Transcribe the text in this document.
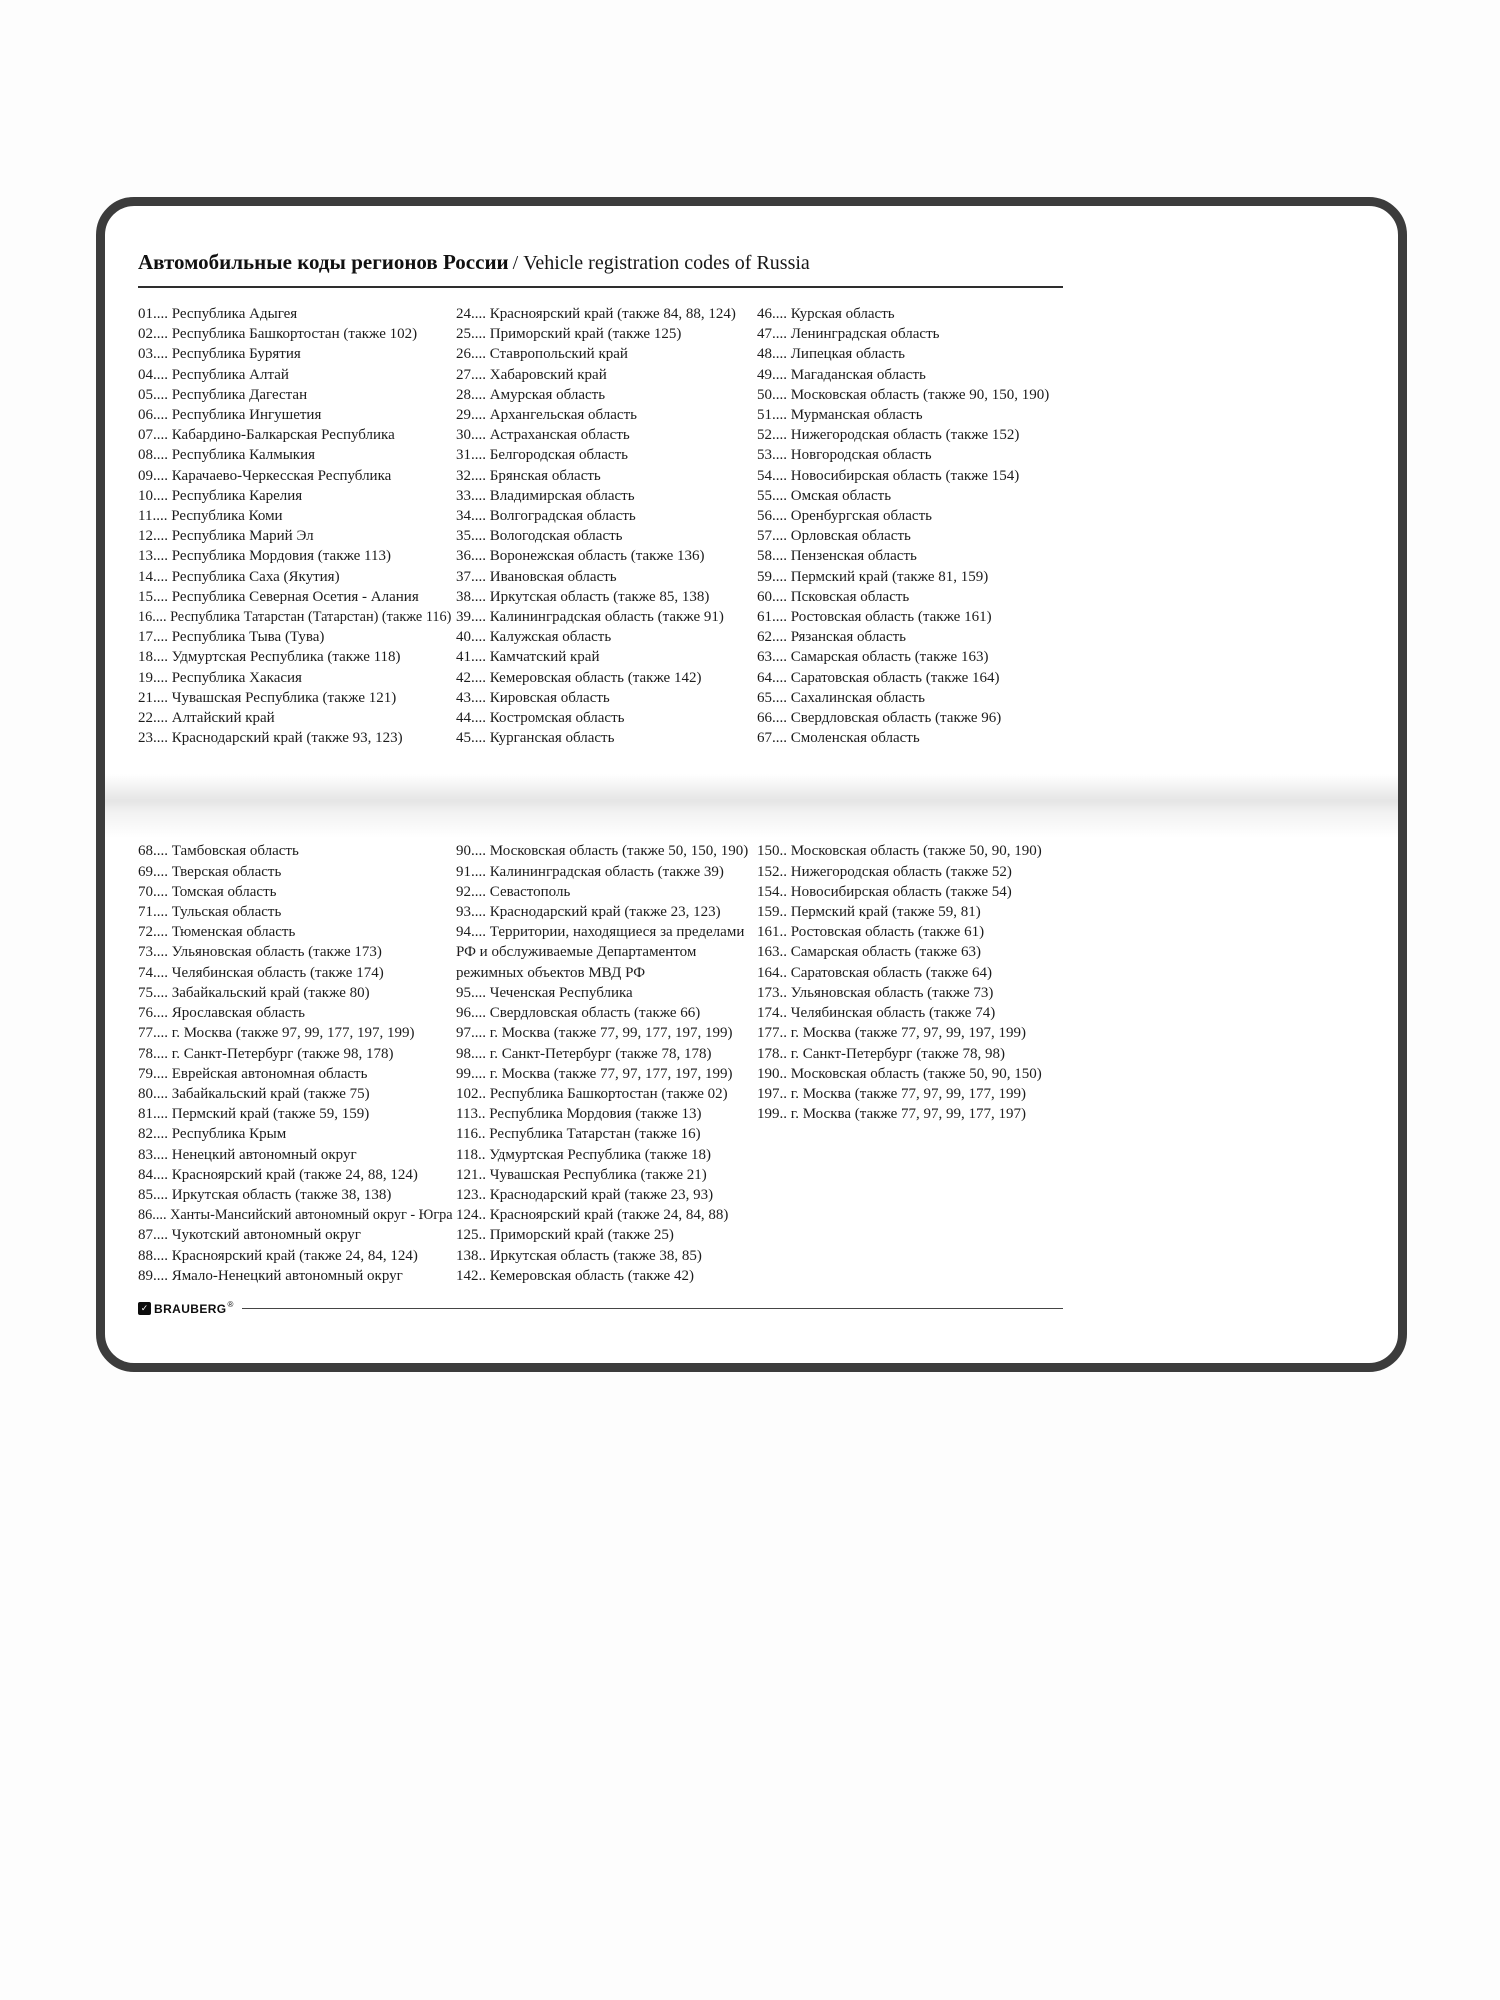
Автомобильные коды регионов России / Vehicle registration codes of Russia
01.... Республика Адыгея
02.... Республика Башкортостан (также 102)
03.... Республика Бурятия
04.... Республика Алтай
05.... Республика Дагестан
06.... Республика Ингушетия
07.... Кабардино-Балкарская Республика
08.... Республика Калмыкия
09.... Карачаево-Черкесская Республика
10.... Республика Карелия
11.... Республика Коми
12.... Республика Марий Эл
13.... Республика Мордовия (также 113)
14.... Республика Саха (Якутия)
15.... Республика Северная Осетия - Алания
16.... Республика Татарстан (Татарстан) (также 116)
17.... Республика Тыва (Тува)
18.... Удмуртская Республика (также 118)
19.... Республика Хакасия
21.... Чувашская Республика (также 121)
22.... Алтайский край
23.... Краснодарский край (также 93, 123)
24.... Красноярский край (также 84, 88, 124)
25.... Приморский край (также 125)
26.... Ставропольский край
27.... Хабаровский край
28.... Амурская область
29.... Архангельская область
30.... Астраханская область
31.... Белгородская область
32.... Брянская область
33.... Владимирская область
34.... Волгоградская область
35.... Вологодская область
36.... Воронежская область (также 136)
37.... Ивановская область
38.... Иркутская область (также 85, 138)
39.... Калининградская область (также 91)
40.... Калужская область
41.... Камчатский край
42.... Кемеровская область (также 142)
43.... Кировская область
44.... Костромская область
45.... Курганская область
46.... Курская область
47.... Ленинградская область
48.... Липецкая область
49.... Магаданская область
50.... Московская область (также 90, 150, 190)
51.... Мурманская область
52.... Нижегородская область (также 152)
53.... Новгородская область
54.... Новосибирская область (также 154)
55.... Омская область
56.... Оренбургская область
57.... Орловская область
58.... Пензенская область
59.... Пермский край (также 81, 159)
60.... Псковская область
61.... Ростовская область (также 161)
62.... Рязанская область
63.... Самарская область (также 163)
64.... Саратовская область (также 164)
65.... Сахалинская область
66.... Свердловская область (также 96)
67.... Смоленская область
68.... Тамбовская область
69.... Тверская область
70.... Томская область
71.... Тульская область
72.... Тюменская область
73.... Ульяновская область (также 173)
74.... Челябинская область (также 174)
75.... Забайкальский край (также 80)
76.... Ярославская область
77.... г. Москва (также 97, 99, 177, 197, 199)
78.... г. Санкт-Петербург (также 98, 178)
79.... Еврейская автономная область
80.... Забайкальский край (также 75)
81.... Пермский край (также 59, 159)
82.... Республика Крым
83.... Ненецкий автономный округ
84.... Красноярский край (также 24, 88, 124)
85.... Иркутская область (также 38, 138)
86.... Ханты-Мансийский автономный округ - Югра
87.... Чукотский автономный округ
88.... Красноярский край (также 24, 84, 124)
89.... Ямало-Ненецкий автономный округ
90.... Московская область (также 50, 150, 190)
91.... Калининградская область (также 39)
92.... Севастополь
93.... Краснодарский край (также 23, 123)
94.... Территории, находящиеся за пределами РФ и обслуживаемые Департаментом режимных объектов МВД РФ
95.... Чеченская Республика
96.... Свердловская область (также 66)
97.... г. Москва (также 77, 99, 177, 197, 199)
98.... г. Санкт-Петербург (также 78, 178)
99.... г. Москва (также 77, 97, 177, 197, 199)
102.. Республика Башкортостан (также 02)
113.. Республика Мордовия (также 13)
116.. Республика Татарстан (также 16)
118.. Удмуртская Республика (также 18)
121.. Чувашская Республика (также 21)
123.. Краснодарский край (также 23, 93)
124.. Красноярский край (также 24, 84, 88)
125.. Приморский край (также 25)
138.. Иркутская область (также 38, 85)
142.. Кемеровская область (также 42)
150.. Московская область (также 50, 90, 190)
152.. Нижегородская область (также 52)
154.. Новосибирская область (также 54)
159.. Пермский край (также 59, 81)
161.. Ростовская область (также 61)
163.. Самарская область (также 63)
164.. Саратовская область (также 64)
173.. Ульяновская область (также 73)
174.. Челябинская область (также 74)
177.. г. Москва (также 77, 97, 99, 197, 199)
178.. г. Санкт-Петербург (также 78, 98)
190.. Московская область (также 50, 90, 150)
197.. г. Москва (также 77, 97, 99, 177, 199)
199.. г. Москва (также 77, 97, 99, 177, 197)
✓ BRAUBERG ®
